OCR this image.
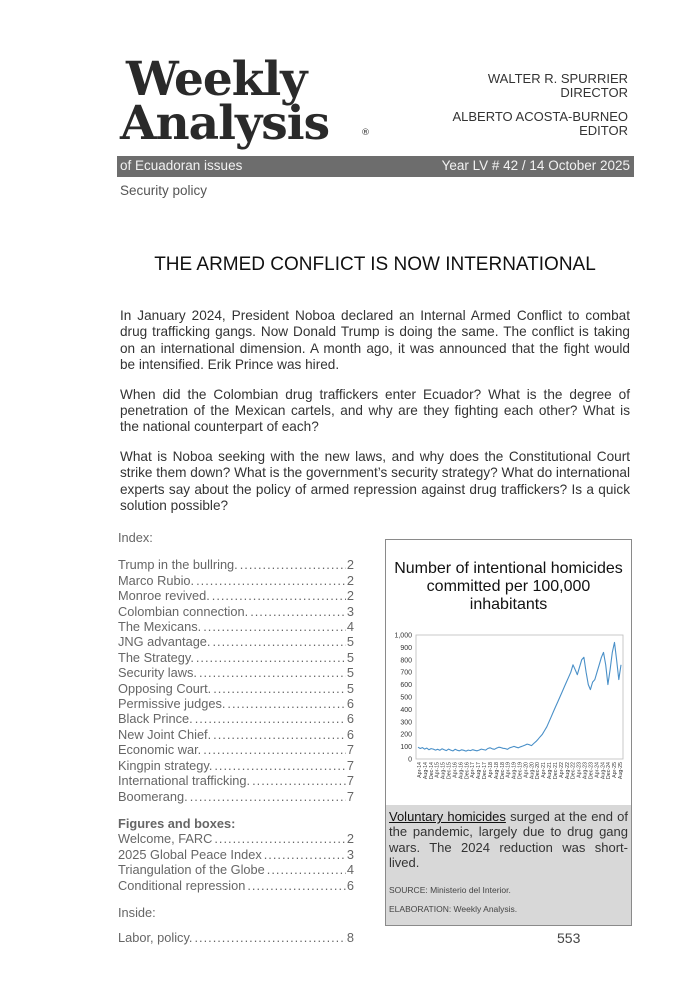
Weekly
Analysis	®
WALTER R. SPURRIER
DIRECTOR
ALBERTO ACOSTA-BURNEO
EDITOR
of Ecuadoran issues	Year LV # 42 / 14 October 2025
Security policy
THE ARMED CONFLICT IS NOW INTERNATIONAL

In January 2024, President Noboa declared an Internal Armed Conflict to combat drug trafficking gangs. Now Donald Trump is doing the same. The conflict is taking on an international dimension. A month ago, it was announced that the fight would be intensified. Erik Prince was hired.

When did the Colombian drug traffickers enter Ecuador? What is the degree of penetration of the Mexican cartels, and why are they fighting each other? What is the national counterpart of each?

What is Noboa seeking with the new laws, and why does the Constitutional Court strike them down? What is the government’s security strategy? What do international experts say about the policy of armed repression against drug traffickers? Is a quick solution possible?

Index:
Trump in the bullring. .....	2
Marco Rubio. .....	2
Monroe revived. .....	2
Colombian connection. .....	3
The Mexicans. .....	4
JNG advantage. .....	5
The Strategy. .....	5
Security laws. .....	5
Opposing Court. .....	5
Permissive judges. .....	6
Black Prince. .....	6
New Joint Chief. .....	6
Economic war. .....	7
Kingpin strategy. .....	7
International trafficking. .....	7
Boomerang. .....	7
Figures and boxes:
Welcome, FARC .....	2
2025 Global Peace Index .....	3
Triangulation of the Globe .....	4
Conditional repression .....	6
Inside:
Labor, policy. .....	8
Number of intentional homicides committed per 100,000 inhabitants
0
100
200
300
400
500
600
700
800
900
1,000
Apr-14 Aug-14 Dec-14 Apr-15 Aug-15 Dec-15 Apr-16 Aug-16 Dec-16 Apr-17 Aug-17 Dec-17 Apr-18 Aug-18 Dec-18 Apr-19 Aug-19 Dec-19 Apr-20 Aug-20 Dec-20 Apr-21 Aug-21 Dec-21 Apr-22 Aug-22 Dec-22 Apr-23 Aug-23 Dec-23 Apr-24 Aug-24 Dec-24 Apr-25 Aug-25
Voluntary homicides surged at the end of the pandemic, largely due to drug gang wars. The 2024 reduction was short-lived.
SOURCE: Ministerio del Interior.
ELABORATION: Weekly Analysis.
553
